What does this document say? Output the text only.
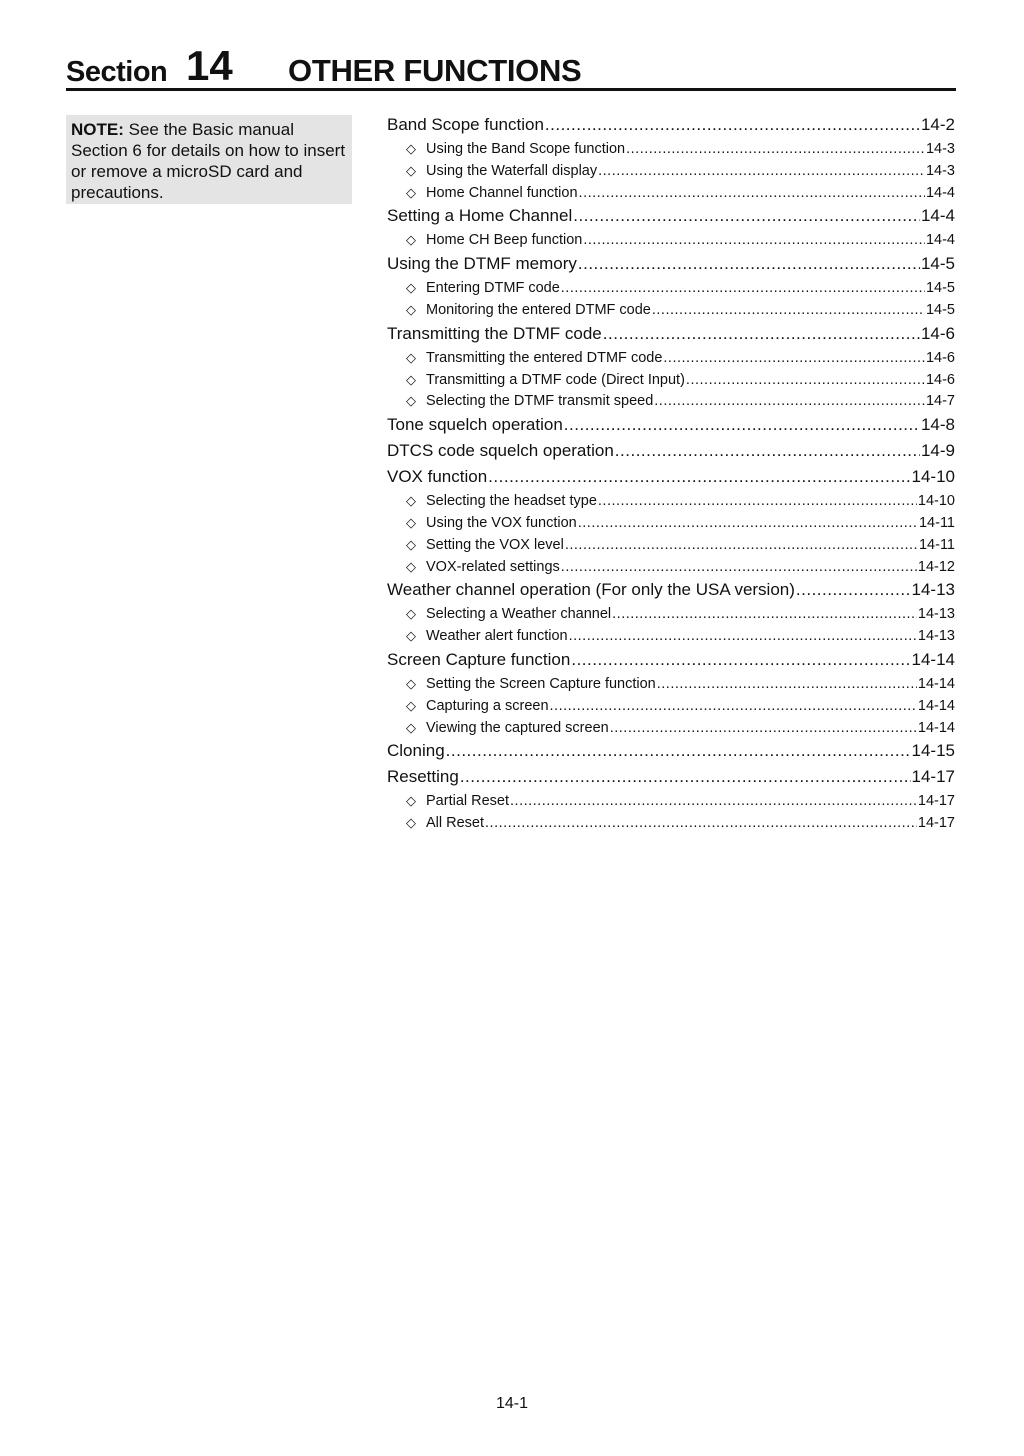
Section 14 OTHER FUNCTIONS
NOTE: See the Basic manual Section 6 for details on how to insert or remove a microSD card and precautions.
Band Scope function .....	14-2
◇ Using the Band Scope function .....	14-3
◇ Using the Waterfall display .....	14-3
◇ Home Channel function .....	14-4
Setting a Home Channel .....	14-4
◇ Home CH Beep function .....	14-4
Using the DTMF memory .....	14-5
◇ Entering DTMF code .....	14-5
◇ Monitoring the entered DTMF code .....	14-5
Transmitting the DTMF code .....	14-6
◇ Transmitting the entered DTMF code .....	14-6
◇ Transmitting a DTMF code (Direct Input) .....	14-6
◇ Selecting the DTMF transmit speed .....	14-7
Tone squelch operation .....	14-8
DTCS code squelch operation .....	14-9
VOX function .....	14-10
◇ Selecting the headset type .....	14-10
◇ Using the VOX function .....	14-11
◇ Setting the VOX level .....	14-11
◇ VOX-related settings .....	14-12
Weather channel operation (For only the USA version) .....	14-13
◇ Selecting a Weather channel .....	14-13
◇ Weather alert function .....	14-13
Screen Capture function .....	14-14
◇ Setting the Screen Capture function .....	14-14
◇ Capturing a screen .....	14-14
◇ Viewing the captured screen .....	14-14
Cloning .....	14-15
Resetting .....	14-17
◇ Partial Reset .....	14-17
◇ All Reset .....	14-17
14-1
